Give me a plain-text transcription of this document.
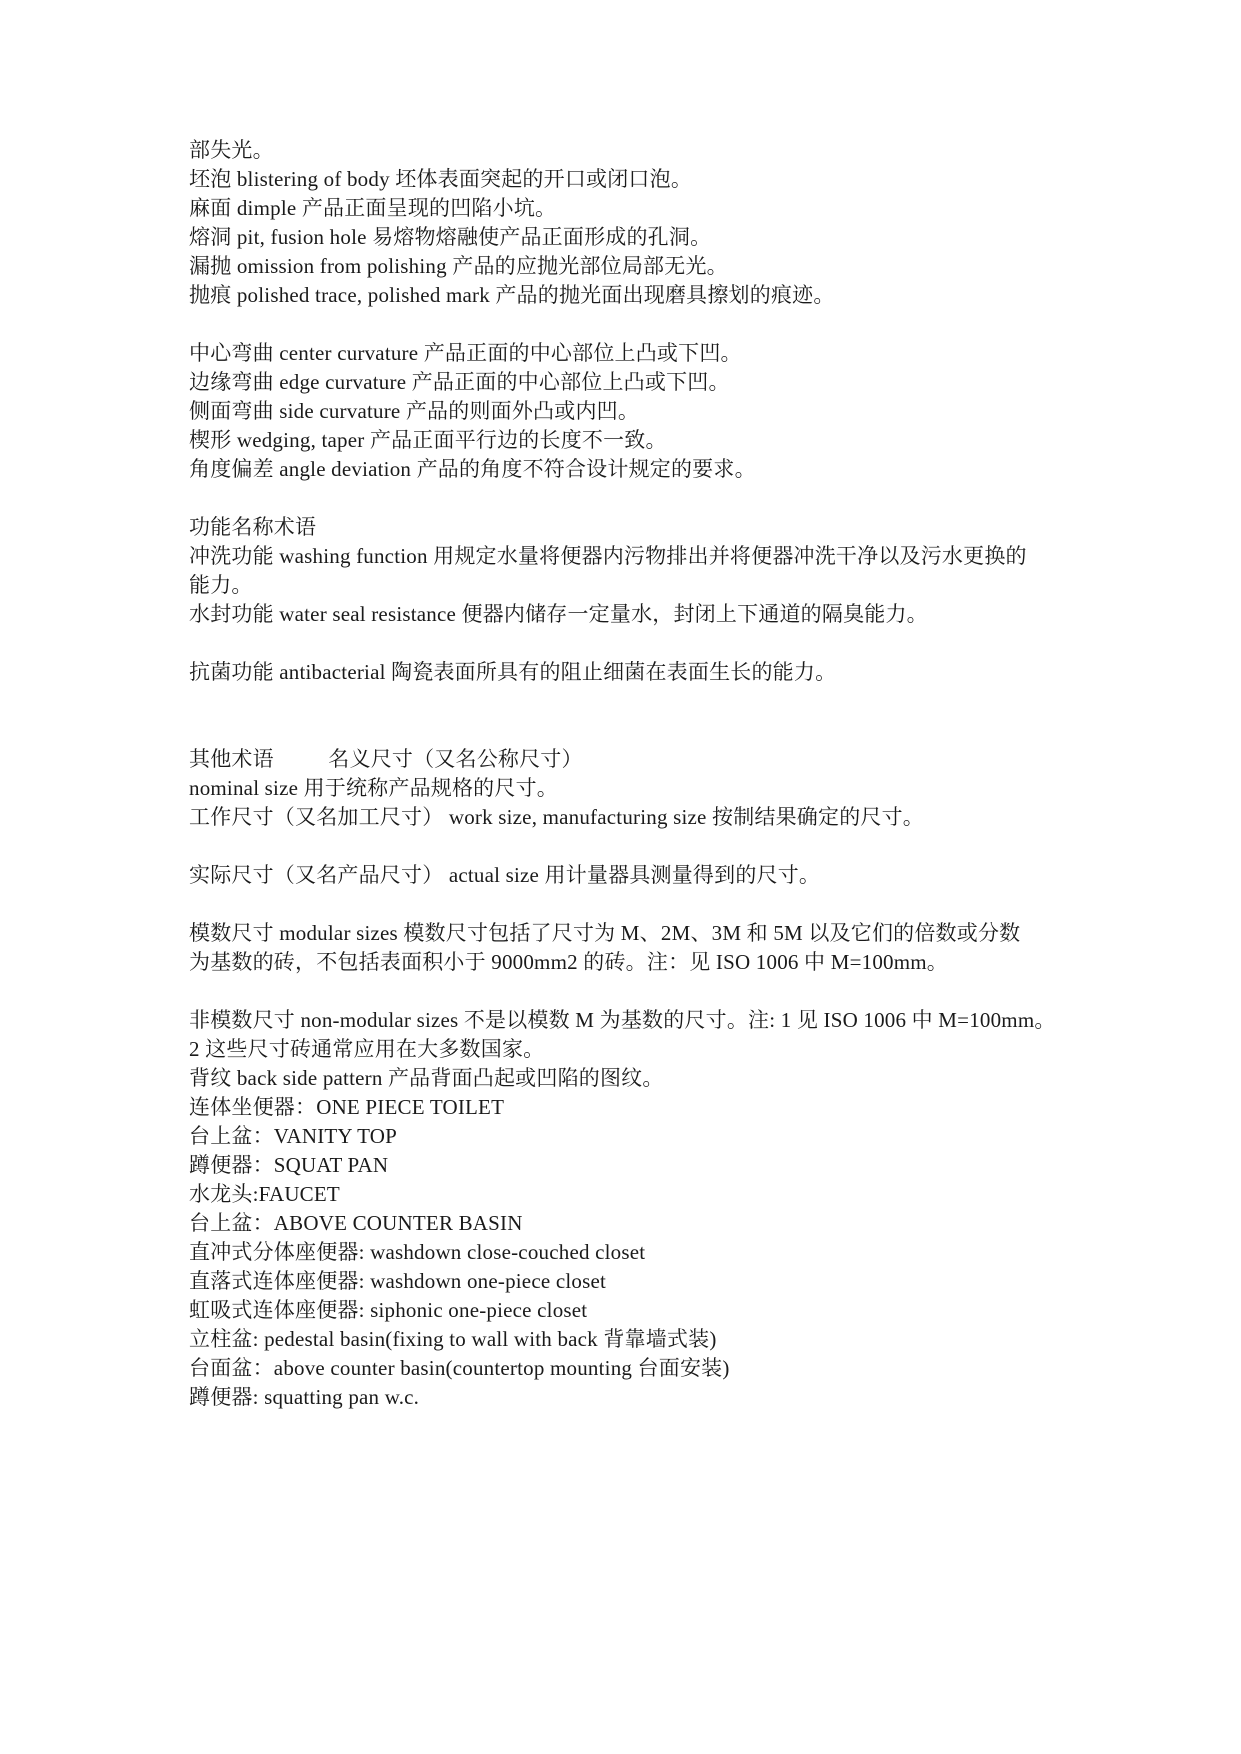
部失光。
坯泡 blistering of body 坯体表面突起的开口或闭口泡。
麻面 dimple 产品正面呈现的凹陷小坑。
熔洞 pit, fusion hole 易熔物熔融使产品正面形成的孔洞。
漏抛 omission from polishing 产品的应抛光部位局部无光。
抛痕 polished trace, polished mark 产品的抛光面出现磨具擦划的痕迹。
中心弯曲 center curvature 产品正面的中心部位上凸或下凹。
边缘弯曲 edge curvature 产品正面的中心部位上凸或下凹。
侧面弯曲 side curvature 产品的则面外凸或内凹。
楔形 wedging, taper 产品正面平行边的长度不一致。
角度偏差 angle deviation 产品的角度不符合设计规定的要求。
功能名称术语
冲洗功能 washing function 用规定水量将便器内污物排出并将便器冲洗干净以及污水更换的
能力。
水封功能 water seal resistance 便器内储存一定量水，封闭上下通道的隔臭能力。
抗菌功能 antibacterial 陶瓷表面所具有的阻止细菌在表面生长的能力。
其他术语          名义尺寸（又名公称尺寸）
nominal size 用于统称产品规格的尺寸。
工作尺寸（又名加工尺寸） work size, manufacturing size 按制结果确定的尺寸。
实际尺寸（又名产品尺寸） actual size 用计量器具测量得到的尺寸。
模数尺寸 modular sizes 模数尺寸包括了尺寸为 M、2M、3M 和 5M 以及它们的倍数或分数
为基数的砖，不包括表面积小于 9000mm2 的砖。注：见 ISO 1006 中 M=100mm。
非模数尺寸 non-modular sizes 不是以模数 M 为基数的尺寸。注: 1 见 ISO 1006 中 M=100mm。
2 这些尺寸砖通常应用在大多数国家。
背纹 back side pattern 产品背面凸起或凹陷的图纹。
连体坐便器：ONE PIECE TOILET
台上盆：VANITY TOP
蹲便器：SQUAT PAN
水龙头:FAUCET
台上盆：ABOVE COUNTER BASIN
直冲式分体座便器: washdown close-couched closet
直落式连体座便器: washdown one-piece closet
虹吸式连体座便器: siphonic one-piece closet
立柱盆: pedestal basin(fixing to wall with back 背靠墙式装)
台面盆：above counter basin(countertop mounting 台面安装)
蹲便器: squatting pan w.c.
